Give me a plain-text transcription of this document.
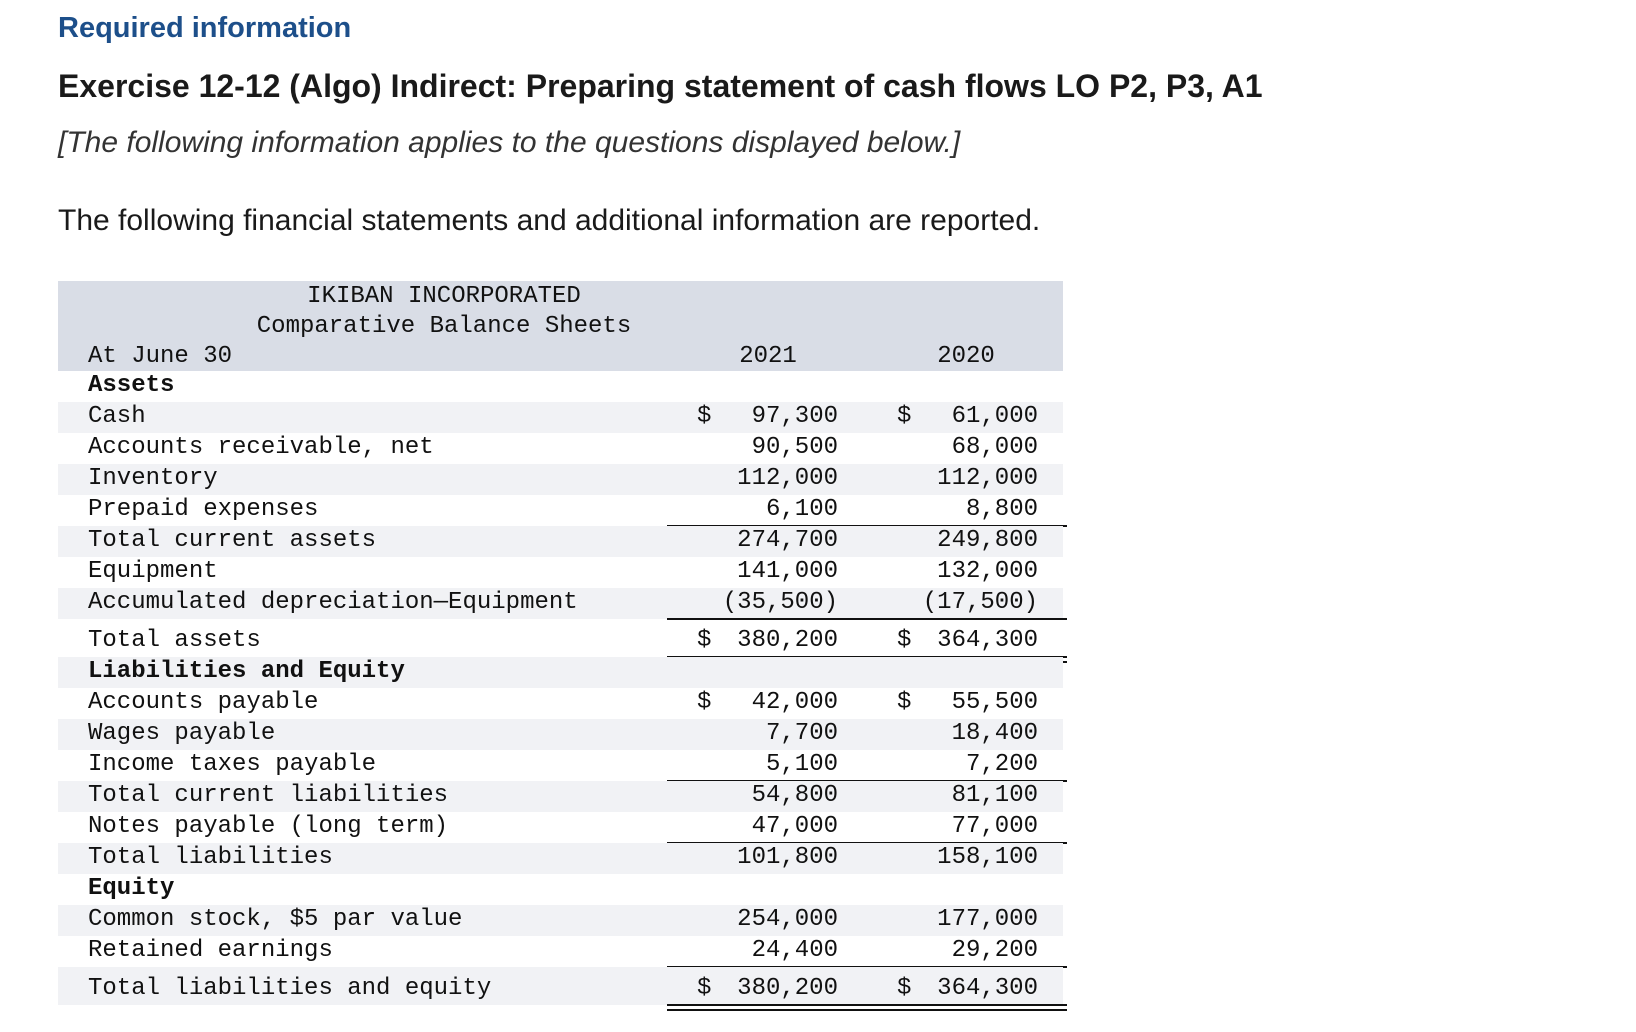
Required information
Exercise 12-12 (Algo) Indirect: Preparing statement of cash flows LO P2, P3, A1
[The following information applies to the questions displayed below.]
The following financial statements and additional information are reported.
IKIBAN INCORPORATED
Comparative Balance Sheets
At June 30	2021	2020
Assets
Cash	$ 97,300 $ 61,000
Accounts receivable, net	90,500	68,000
Inventory	112,000	112,000
Prepaid expenses	6,100	8,800
Total current assets	274,700	249,800
Equipment	141,000	132,000
Accumulated depreciation—Equipment	(35,500)	(17,500)
Total assets	$ 380,200 $ 364,300
Liabilities and Equity
Accounts payable	$ 42,000 $ 55,500
Wages payable	7,700	18,400
Income taxes payable	5,100	7,200
Total current liabilities	54,800	81,100
Notes payable (long term)	47,000	77,000
Total liabilities	101,800	158,100
Equity
Common stock, $5 par value	254,000	177,000
Retained earnings	24,400	29,200
Total liabilities and equity	$ 380,200 $ 364,300
